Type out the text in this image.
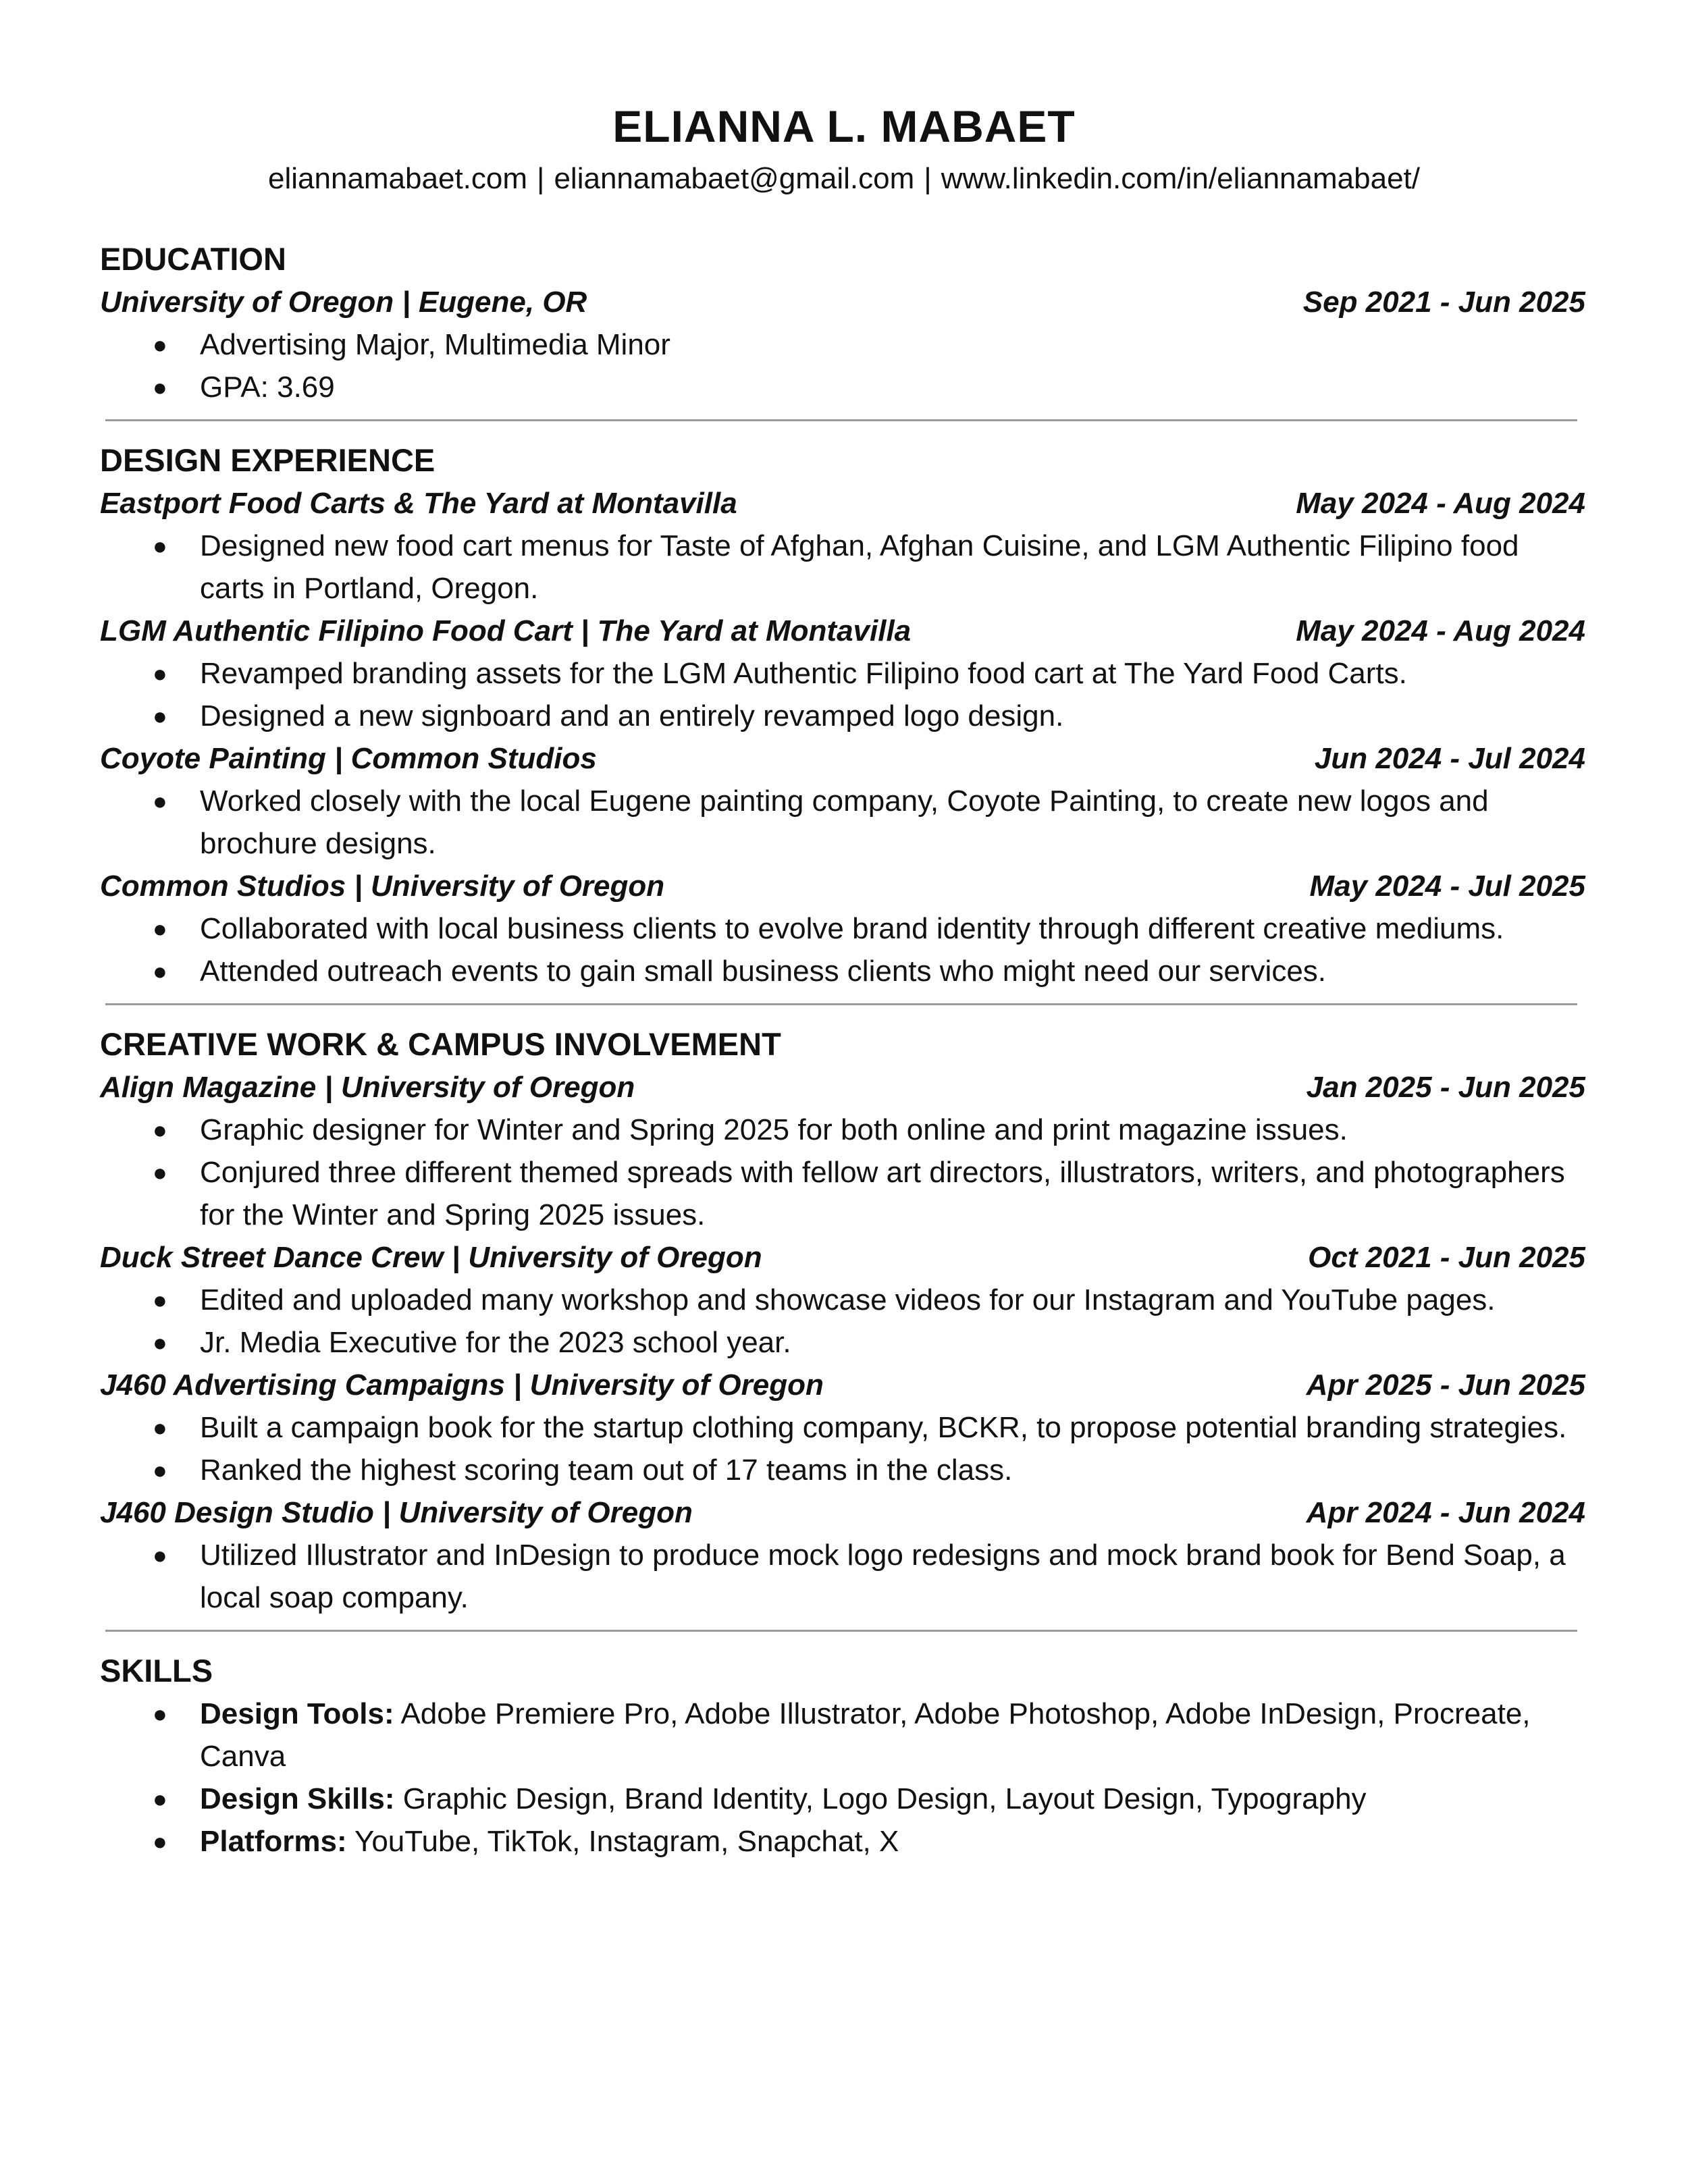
ELIANNA L. MABAET
eliannamabaet.com | eliannamabaet@gmail.com | www.linkedin.com/in/eliannamabaet/
EDUCATION
University of Oregon | Eugene, OR	Sep 2021 - Jun 2025
● Advertising Major, Multimedia Minor
● GPA: 3.69
DESIGN EXPERIENCE
Eastport Food Carts & The Yard at Montavilla	May 2024 - Aug 2024
● Designed new food cart menus for Taste of Afghan, Afghan Cuisine, and LGM Authentic Filipino food carts in Portland, Oregon.
LGM Authentic Filipino Food Cart | The Yard at Montavilla	May 2024 - Aug 2024
● Revamped branding assets for the LGM Authentic Filipino food cart at The Yard Food Carts.
● Designed a new signboard and an entirely revamped logo design.
Coyote Painting | Common Studios	Jun 2024 - Jul 2024
● Worked closely with the local Eugene painting company, Coyote Painting, to create new logos and brochure designs.
Common Studios | University of Oregon	May 2024 - Jul 2025
● Collaborated with local business clients to evolve brand identity through different creative mediums.
● Attended outreach events to gain small business clients who might need our services.
CREATIVE WORK & CAMPUS INVOLVEMENT
Align Magazine | University of Oregon	Jan 2025 - Jun 2025
● Graphic designer for Winter and Spring 2025 for both online and print magazine issues.
● Conjured three different themed spreads with fellow art directors, illustrators, writers, and photographers for the Winter and Spring 2025 issues.
Duck Street Dance Crew | University of Oregon	Oct 2021 - Jun 2025
● Edited and uploaded many workshop and showcase videos for our Instagram and YouTube pages.
● Jr. Media Executive for the 2023 school year.
J460 Advertising Campaigns | University of Oregon	Apr 2025 - Jun 2025
● Built a campaign book for the startup clothing company, BCKR, to propose potential branding strategies.
● Ranked the highest scoring team out of 17 teams in the class.
J460 Design Studio | University of Oregon	Apr 2024 - Jun 2024
● Utilized Illustrator and InDesign to produce mock logo redesigns and mock brand book for Bend Soap, a local soap company.
SKILLS
● Design Tools: Adobe Premiere Pro, Adobe Illustrator, Adobe Photoshop, Adobe InDesign, Procreate, Canva
● Design Skills: Graphic Design, Brand Identity, Logo Design, Layout Design, Typography
● Platforms: YouTube, TikTok, Instagram, Snapchat, X
